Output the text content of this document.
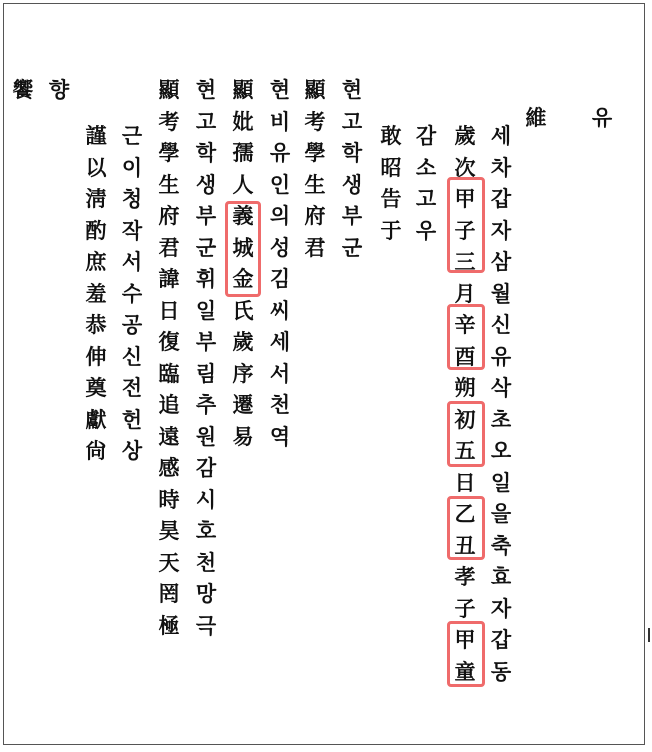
유
維
세
차
갑
자
삼
월
신
유
삭
초
오
일
을
축
효
자
갑
동
歲
次
甲
子
三
月
辛
酉
朔
初
五
日
乙
丑
孝
子
甲
童
감
소
고
우
敢
昭
告
于
현
고
학
생
부
군
顯
考
學
生
府
君
현
비
유
인
의
성
김
씨
세
서
천
역
顯
妣
孺
人
義
城
金
氏
歲
序
遷
易
현
고
학
생
부
군
휘
일
부
림
추
원
감
시
호
천
망
극
顯
考
學
生
府
君
諱
日
復
臨
追
遠
感
時
昊
天
罔
極
근
이
청
작
서
수
공
신
전
헌
상
謹
以
淸
酌
庶
羞
恭
伸
奠
獻
尙
향
饗
